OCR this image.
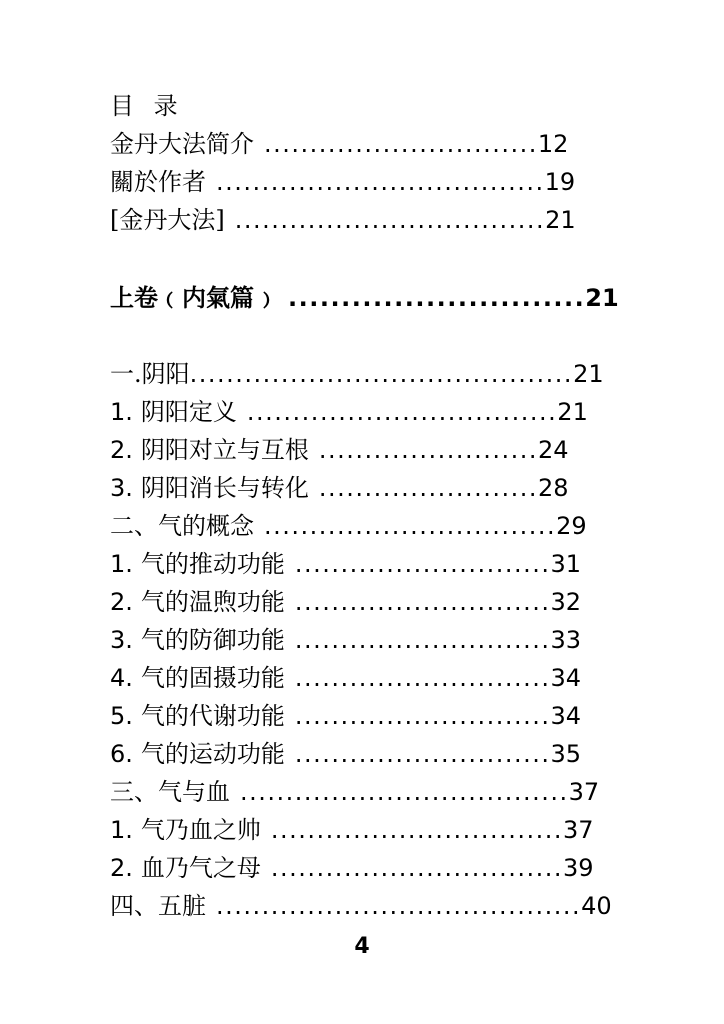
目 录
金丹大法简介 .............................. 12
關於作者 .................................... 19
[金丹大法] .................................. 21
上卷﹙内氣篇﹚ ............................ 21
一.阴阳 .......................................... 21
1. 阴阳定义 .................................. 21
2. 阴阳对立与互根 ........................ 24
3. 阴阳消长与转化 ........................ 28
二、气的概念 ................................ 29
1. 气的推动功能 ............................ 31
2. 气的温煦功能 ............................ 32
3. 气的防御功能 ............................ 33
4. 气的固摄功能 ............................ 34
5. 气的代谢功能 ............................ 34
6. 气的运动功能 ............................ 35
三、气与血 .................................... 37
1. 气乃血之帅 ................................ 37
2. 血乃气之母 ................................ 39
四、五脏 ........................................ 40
4
